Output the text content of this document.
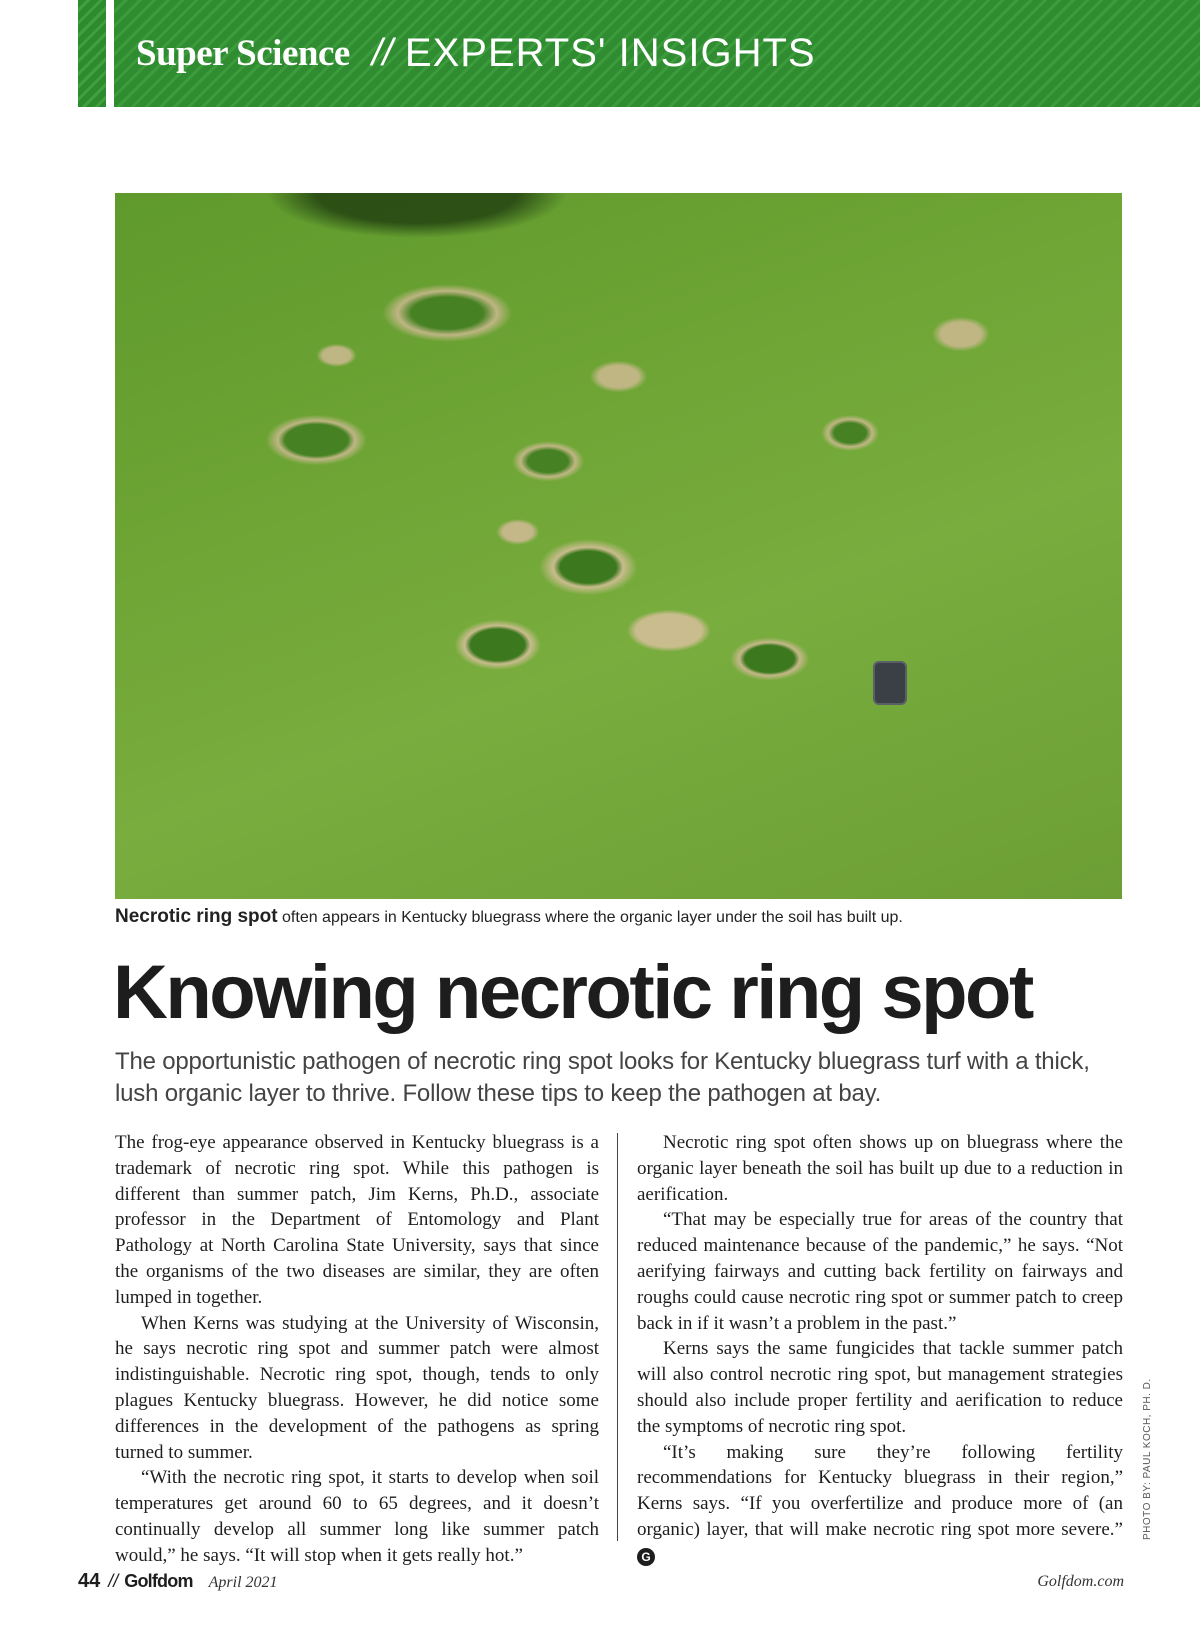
Super Science // EXPERTS' INSIGHTS
Necrotic ring spot often appears in Kentucky bluegrass where the organic layer under the soil has built up.
Knowing necrotic ring spot

The opportunistic pathogen of necrotic ring spot looks for Kentucky bluegrass turf with a thick, lush organic layer to thrive. Follow these tips to keep the pathogen at bay.

The frog-eye appearance observed in Kentucky bluegrass is a trademark of necrotic ring spot. While this pathogen is different than summer patch, Jim Kerns, Ph.D., associate professor in the Department of Entomology and Plant Pathology at North Carolina State University, says that since the organisms of the two diseases are similar, they are often lumped in together.

When Kerns was studying at the University of Wisconsin, he says necrotic ring spot and summer patch were almost indistinguishable. Necrotic ring spot, though, tends to only plagues Kentucky bluegrass. However, he did notice some differences in the development of the pathogens as spring turned to summer.

“With the necrotic ring spot, it starts to develop when soil temperatures get around 60 to 65 degrees, and it doesn’t continually develop all summer long like summer patch would,” he says. “It will stop when it gets really hot.”

Necrotic ring spot often shows up on bluegrass where the organic layer beneath the soil has built up due to a reduction in aerification.

“That may be especially true for areas of the country that reduced maintenance because of the pandemic,” he says. “Not aerifying fairways and cutting back fertility on fairways and roughs could cause necrotic ring spot or summer patch to creep back in if it wasn’t a problem in the past.”

Kerns says the same fungicides that tackle summer patch will also control necrotic ring spot, but management strategies should also include proper fertility and aerification to reduce the symptoms of necrotic ring spot.

“It’s making sure they’re following fertility recommendations for Kentucky bluegrass in their region,” Kerns says. “If you overfertilize and produce more of (an organic) layer, that will make necrotic ring spot more severe.” G

PHOTO BY: PAUL KOCH, PH. D.
44 // Golfdom April 2021	Golfdom.com
